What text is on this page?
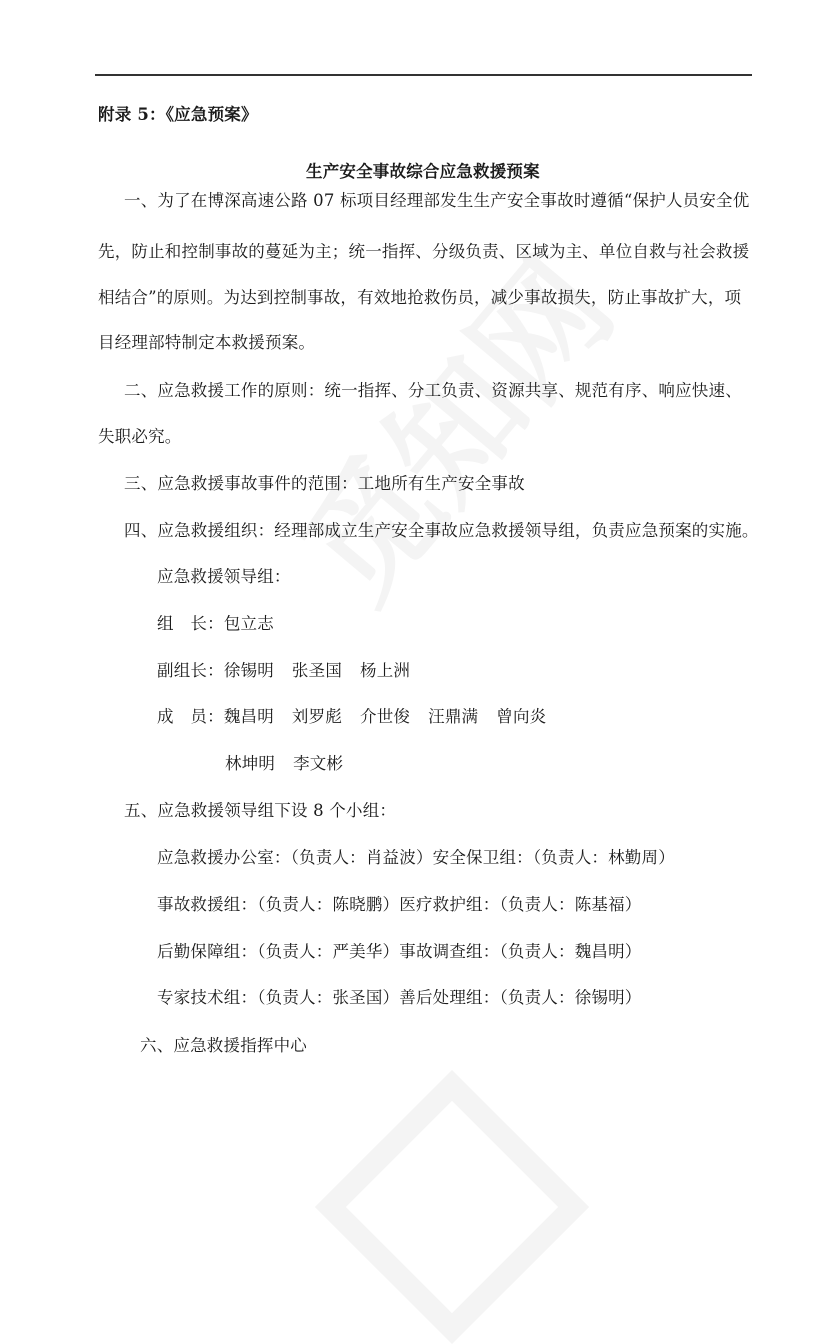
附录 5：《应急预案》
生产安全事故综合应急救援预案
一、为了在博深高速公路 07 标项目经理部发生生产安全事故时遵循“保护人员安全优
先，防止和控制事故的蔓延为主；统一指挥、分级负责、区域为主、单位自救与社会救援
相结合”的原则。为达到控制事故，有效地抢救伤员，减少事故损失，防止事故扩大，项
目经理部特制定本救援预案。
二、应急救援工作的原则：统一指挥、分工负责、资源共享、规范有序、响应快速、
失职必究。
三、应急救援事故事件的范围：工地所有生产安全事故
四、应急救援组织：经理部成立生产安全事故应急救援领导组，负责应急预案的实施。
应急救援领导组：
组　长：包立志
副组长：徐锡明 张圣国 杨上洲
成　员：魏昌明 刘罗彪 介世俊 汪鼎满 曾向炎
林坤明 李文彬
五、应急救援领导组下设 8 个小组：
应急救援办公室：（负责人：肖益波）安全保卫组：（负责人：林勤周）
事故救援组：（负责人：陈晓鹏）医疗救护组：（负责人：陈基福）
后勤保障组：（负责人：严美华）事故调查组：（负责人：魏昌明）
专家技术组：（负责人：张圣国）善后处理组：（负责人：徐锡明）
六、应急救援指挥中心
